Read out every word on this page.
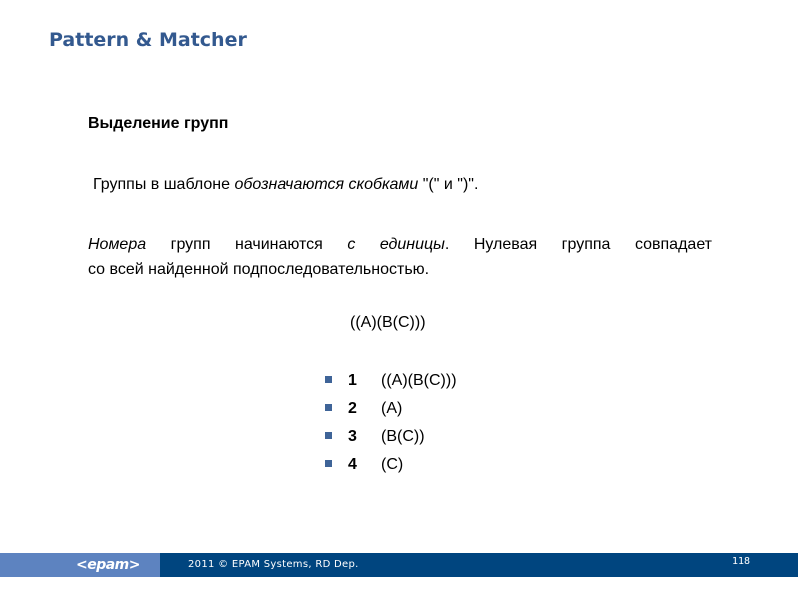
Pattern & Matcher
Выделение групп
Группы в шаблоне обозначаются скобками "(" и ")".
Номера групп начинаются с единицы. Нулевая группа совпадает
со всей найденной подпоследовательностью.
((A)(B(C)))
1	((A)(B(C)))
2	(A)
3	(B(C))
4	(C)
<epam>	2011 © EPAM Systems, RD Dep.	118
